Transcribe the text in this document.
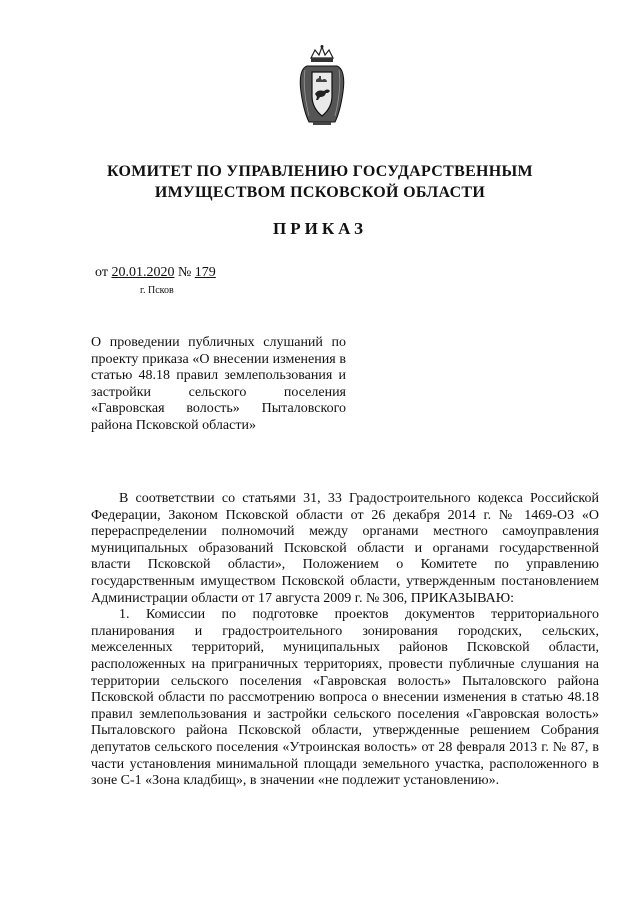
КОМИТЕТ ПО УПРАВЛЕНИЮ ГОСУДАРСТВЕННЫМ
ИМУЩЕСТВОМ ПСКОВСКОЙ ОБЛАСТИ
ПРИКАЗ
от 20.01.2020 № 179
г. Псков
О проведении публичных слушаний по проекту приказа «О внесении изменения в статью 48.18 правил землепользования и застройки сельского поселения «Гавровская волость» Пыталовского района Псковской области»

В соответствии со статьями 31, 33 Градостроительного кодекса Российской Федерации, Законом Псковской области от 26 декабря 2014 г. № 1469-ОЗ «О перераспределении полномочий между органами местного самоуправления муниципальных образований Псковской области и органами государственной власти Псковской области», Положением о Комитете по управлению государственным имуществом Псковской области, утвержденным постановлением Администрации области от 17 августа 2009 г. № 306, ПРИКАЗЫВАЮ:

1. Комиссии по подготовке проектов документов территориального планирования и градостроительного зонирования городских, сельских, межселенных территорий, муниципальных районов Псковской области, расположенных на приграничных территориях, провести публичные слушания на территории сельского поселения «Гавровская волость» Пыталовского района Псковской области по рассмотрению вопроса о внесении изменения в статью 48.18 правил землепользования и застройки сельского поселения «Гавровская волость» Пыталовского района Псковской области, утвержденные решением Собрания депутатов сельского поселения «Утроинская волость» от 28 февраля 2013 г. № 87, в части установления минимальной площади земельного участка, расположенного в зоне С-1 «Зона кладбищ», в значении «не подлежит установлению».
